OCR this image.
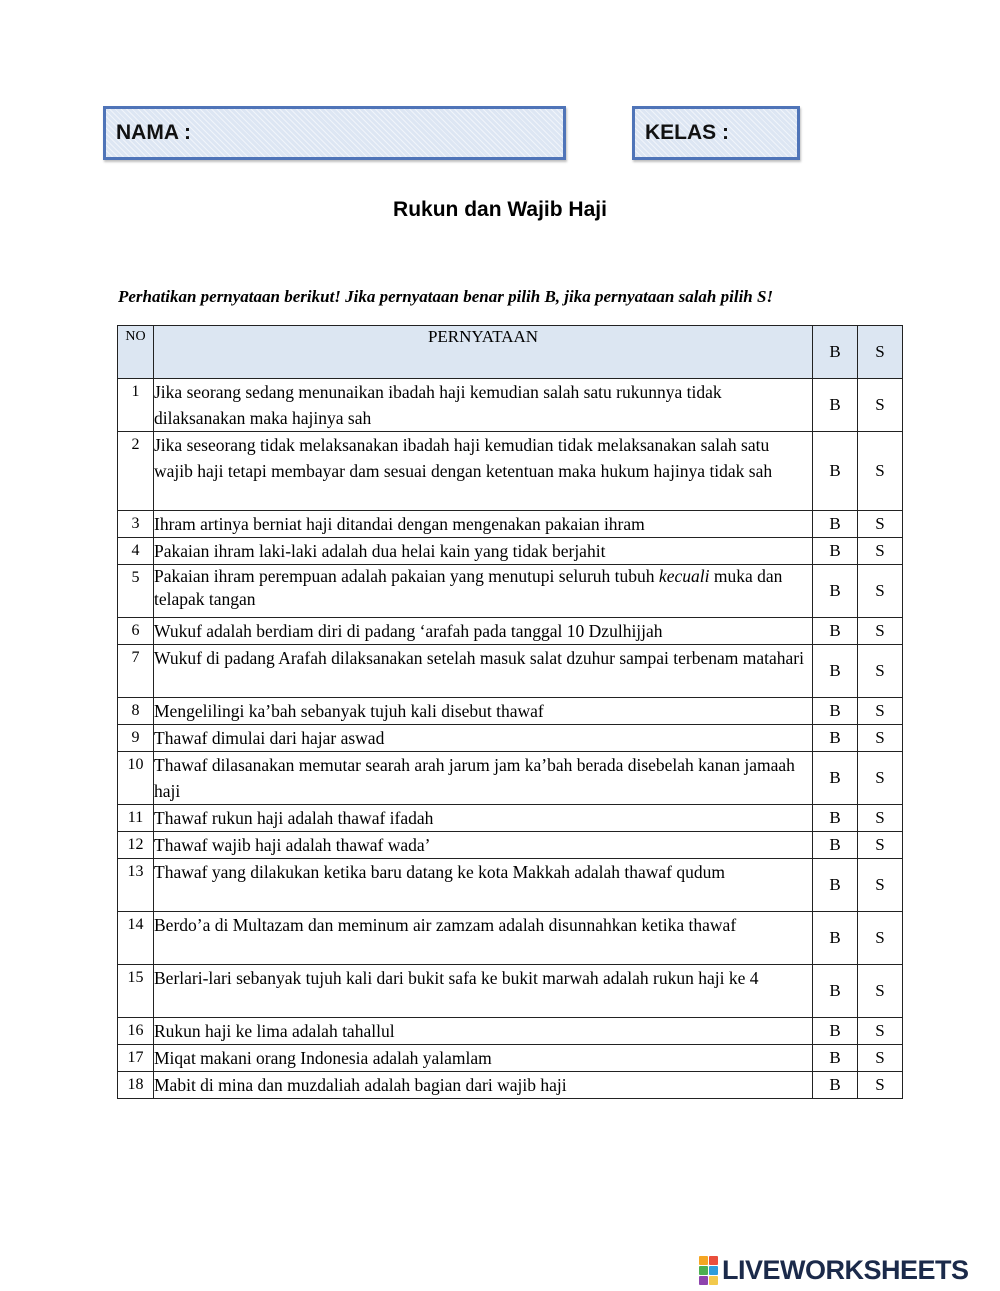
NAMA :	KELAS :
Rukun dan Wajib Haji
Perhatikan pernyataan berikut! Jika pernyataan benar pilih B, jika pernyataan salah pilih S!
NO	PERNYATAAN	B	S
1	Jika seorang sedang menunaikan ibadah haji kemudian salah satu rukunnya tidak dilaksanakan maka hajinya sah	B	S
2	Jika seseorang tidak melaksanakan ibadah haji kemudian tidak melaksanakan salah satu wajib haji tetapi membayar dam sesuai dengan ketentuan maka hukum hajinya tidak sah	B	S
3	Ihram artinya berniat haji ditandai dengan mengenakan pakaian ihram	B	S
4	Pakaian ihram laki-laki adalah dua helai kain yang tidak berjahit	B	S
5	Pakaian ihram perempuan adalah pakaian yang menutupi seluruh tubuh kecuali muka dan telapak tangan	B	S
6	Wukuf adalah berdiam diri di padang ‘arafah pada tanggal 10 Dzulhijjah	B	S
7	Wukuf di padang Arafah dilaksanakan setelah masuk salat dzuhur sampai terbenam matahari	B	S
8	Mengelilingi ka’bah sebanyak tujuh kali disebut thawaf	B	S
9	Thawaf dimulai dari hajar aswad	B	S
10	Thawaf dilasanakan memutar searah arah jarum jam ka’bah berada disebelah kanan jamaah haji	B	S
11	Thawaf rukun haji adalah thawaf ifadah	B	S
12	Thawaf wajib haji adalah thawaf wada’	B	S
13	Thawaf yang dilakukan ketika baru datang ke kota Makkah adalah thawaf qudum	B	S
14	Berdo’a di Multazam dan meminum air zamzam adalah disunnahkan ketika thawaf	B	S
15	Berlari-lari sebanyak tujuh kali dari bukit safa ke bukit marwah adalah rukun haji ke 4	B	S
16	Rukun haji ke lima adalah tahallul	B	S
17	Miqat makani orang Indonesia adalah yalamlam	B	S
18	Mabit di mina dan muzdaliah adalah bagian dari wajib haji	B	S
LIVEWORKSHEETS
